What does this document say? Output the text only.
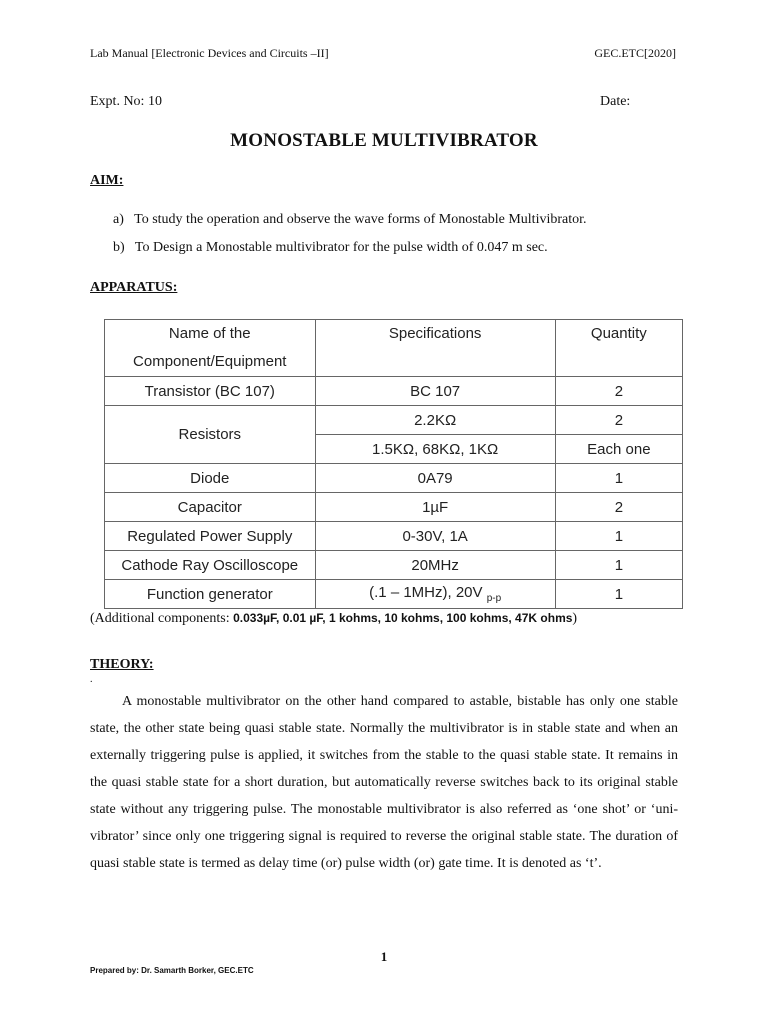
Lab Manual [Electronic Devices and Circuits –II]	GEC.ETC[2020]
Expt. No: 10	Date:
MONOSTABLE MULTIVIBRATOR
AIM:
a) To study the operation and observe the wave forms of Monostable Multivibrator.
b) To Design a Monostable multivibrator for the pulse width of 0.047 m sec.
APPARATUS:
Name of the
Component/Equipment	Specifications	Quantity
Transistor (BC 107)	BC 107	2
Resistors	2.2KΩ	2
	1.5KΩ, 68KΩ, 1KΩ	Each one
Diode	0A79	1
Capacitor	1µF	2
Regulated Power Supply	0-30V, 1A	1
Cathode Ray Oscilloscope	20MHz	1
Function generator	(.1 – 1MHz), 20V $_{p-p}$	1
(Additional components: 0.033µF, 0.01 µF, 1 kohms, 10 kohms, 100 kohms, 47K ohms)
THEORY:
.

A monostable multivibrator on the other hand compared to astable, bistable has only one stable state, the other state being quasi stable state. Normally the multivibrator is in stable state and when an externally triggering pulse is applied, it switches from the stable to the quasi stable state. It remains in the quasi stable state for a short duration, but automatically reverse switches back to its original stable state without any triggering pulse. The monostable multivibrator is also referred as ‘one shot’ or ‘uni-vibrator’ since only one triggering signal is required to reverse the original stable state. The duration of quasi stable state is termed as delay time (or) pulse width (or) gate time. It is denoted as ‘t’.

1
Prepared by: Dr. Samarth Borker, GEC.ETC
